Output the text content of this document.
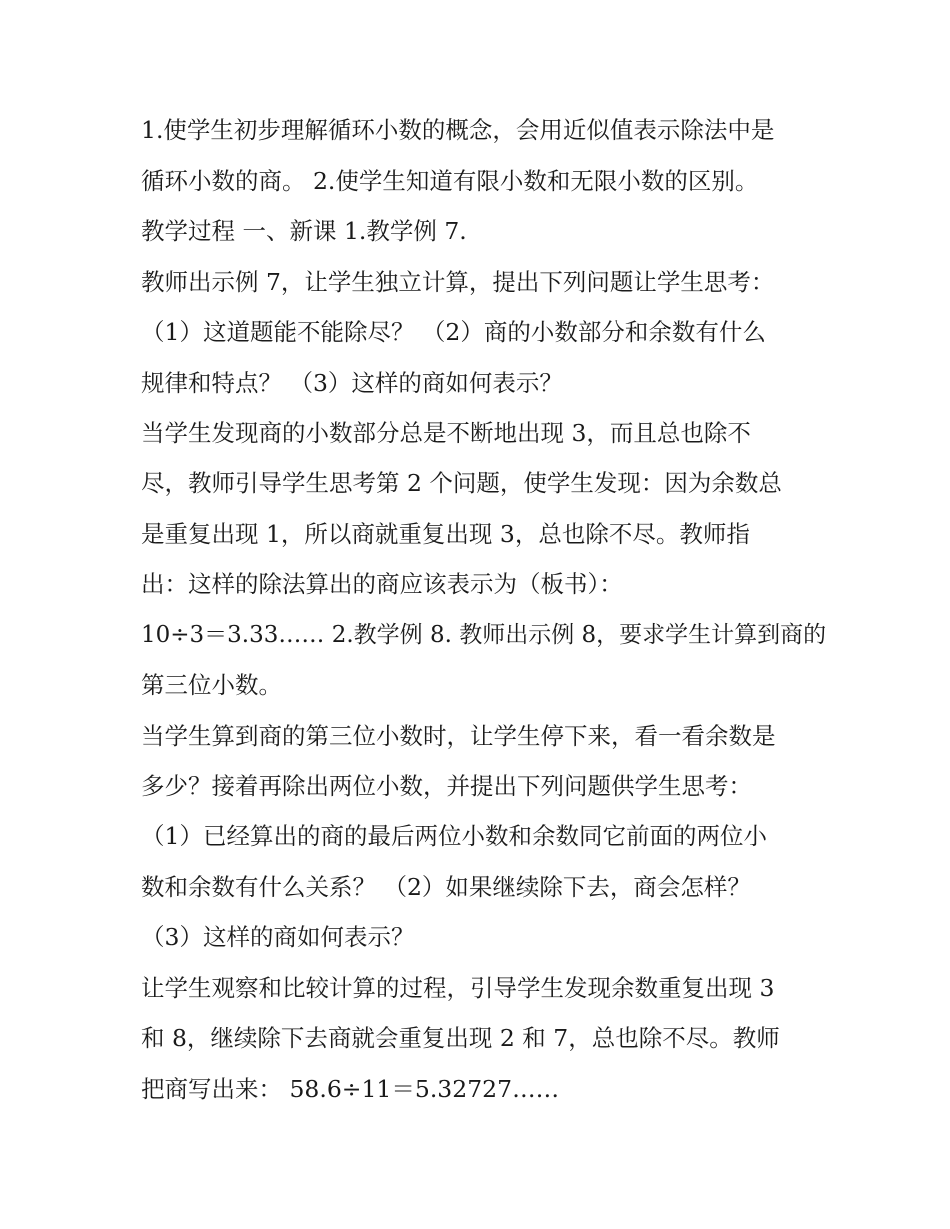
1.使学生初步理解循环小数的概念，会用近似值表示除法中是

循环小数的商。 2.使学生知道有限小数和无限小数的区别。

教学过程 一、新课 1.教学例 7.

教师出示例 7，让学生独立计算，提出下列问题让学生思考：

（1）这道题能不能除尽？ （2）商的小数部分和余数有什么

规律和特点？ （3）这样的商如何表示？

当学生发现商的小数部分总是不断地出现 3，而且总也除不

尽，教师引导学生思考第 2 个问题，使学生发现：因为余数总

是重复出现 1，所以商就重复出现 3，总也除不尽。教师指

出：这样的除法算出的商应该表示为（板书）：

10÷3＝3.33…… 2.教学例 8. 教师出示例 8，要求学生计算到商的

第三位小数。

当学生算到商的第三位小数时，让学生停下来，看一看余数是

多少？接着再除出两位小数，并提出下列问题供学生思考：

（1）已经算出的商的最后两位小数和余数同它前面的两位小

数和余数有什么关系？ （2）如果继续除下去，商会怎样？

（3）这样的商如何表示？

让学生观察和比较计算的过程，引导学生发现余数重复出现 3

和 8，继续除下去商就会重复出现 2 和 7，总也除不尽。教师

把商写出来： 58.6÷11＝5.32727……
